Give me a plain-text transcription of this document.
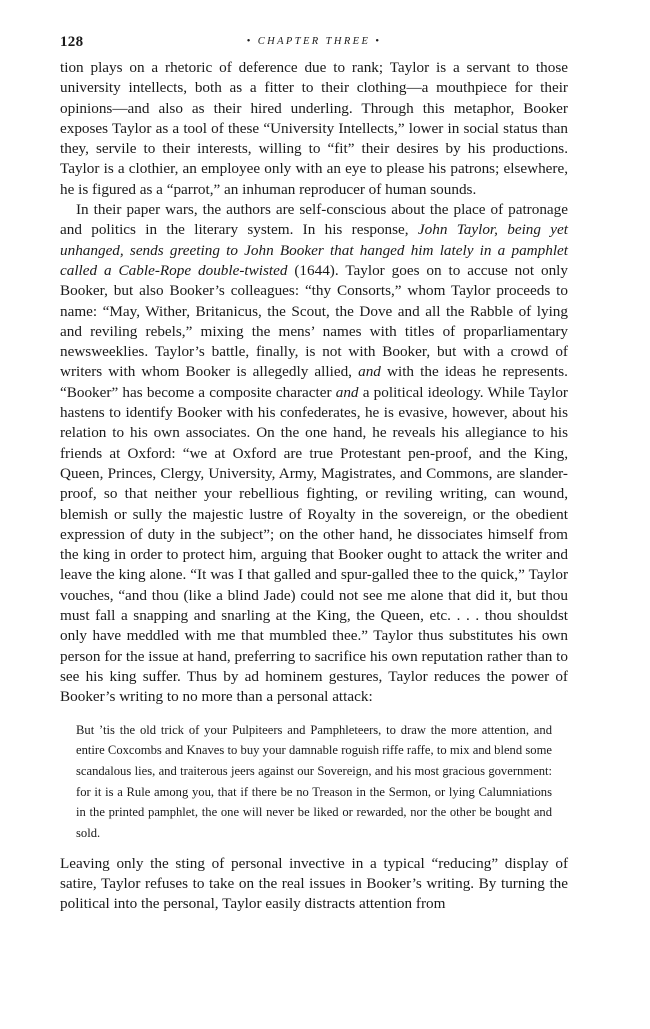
128	• CHAPTER THREE •

tion plays on a rhetoric of deference due to rank; Taylor is a servant to those university intellects, both as a fitter to their clothing—a mouthpiece for their opinions—and also as their hired underling. Through this metaphor, Booker exposes Taylor as a tool of these “University Intellects,” lower in social status than they, servile to their interests, willing to “fit” their desires by his productions. Taylor is a clothier, an employee only with an eye to please his patrons; elsewhere, he is figured as a “parrot,” an inhuman reproducer of human sounds.

In their paper wars, the authors are self-conscious about the place of patronage and politics in the literary system. In his response, John Taylor, being yet unhanged, sends greeting to John Booker that hanged him lately in a pamphlet called a Cable-Rope double-twisted (1644). Taylor goes on to accuse not only Booker, but also Booker’s colleagues: “thy Consorts,” whom Taylor proceeds to name: “May, Wither, Britanicus, the Scout, the Dove and all the Rabble of lying and reviling rebels,” mixing the mens’ names with titles of proparliamentary newsweeklies. Taylor’s battle, finally, is not with Booker, but with a crowd of writers with whom Booker is allegedly allied, and with the ideas he represents. “Booker” has become a composite character and a political ideology. While Taylor hastens to identify Booker with his confederates, he is evasive, however, about his relation to his own associates. On the one hand, he reveals his allegiance to his friends at Oxford: “we at Oxford are true Protestant pen-proof, and the King, Queen, Princes, Clergy, University, Army, Magistrates, and Commons, are slander-proof, so that neither your rebellious fighting, or reviling writing, can wound, blemish or sully the majestic lustre of Royalty in the sovereign, or the obedient expression of duty in the subject”; on the other hand, he dissociates himself from the king in order to protect him, arguing that Booker ought to attack the writer and leave the king alone. “It was I that galled and spur-galled thee to the quick,” Taylor vouches, “and thou (like a blind Jade) could not see me alone that did it, but thou must fall a snapping and snarling at the King, the Queen, etc. . . . thou shouldst only have meddled with me that mumbled thee.” Taylor thus substitutes his own person for the issue at hand, preferring to sacrifice his own reputation rather than to see his king suffer. Thus by ad hominem gestures, Taylor reduces the power of Booker’s writing to no more than a personal attack:

But ’tis the old trick of your Pulpiteers and Pamphleteers, to draw the more attention, and entire Coxcombs and Knaves to buy your damnable roguish riffe raffe, to mix and blend some scandalous lies, and traiterous jeers against our Sovereign, and his most gracious government: for it is a Rule among you, that if there be no Treason in the Sermon, or lying Calumniations in the printed pamphlet, the one will never be liked or rewarded, nor the other be bought and sold.

Leaving only the sting of personal invective in a typical “reducing” display of satire, Taylor refuses to take on the real issues in Booker’s writing. By turning the political into the personal, Taylor easily distracts attention from
